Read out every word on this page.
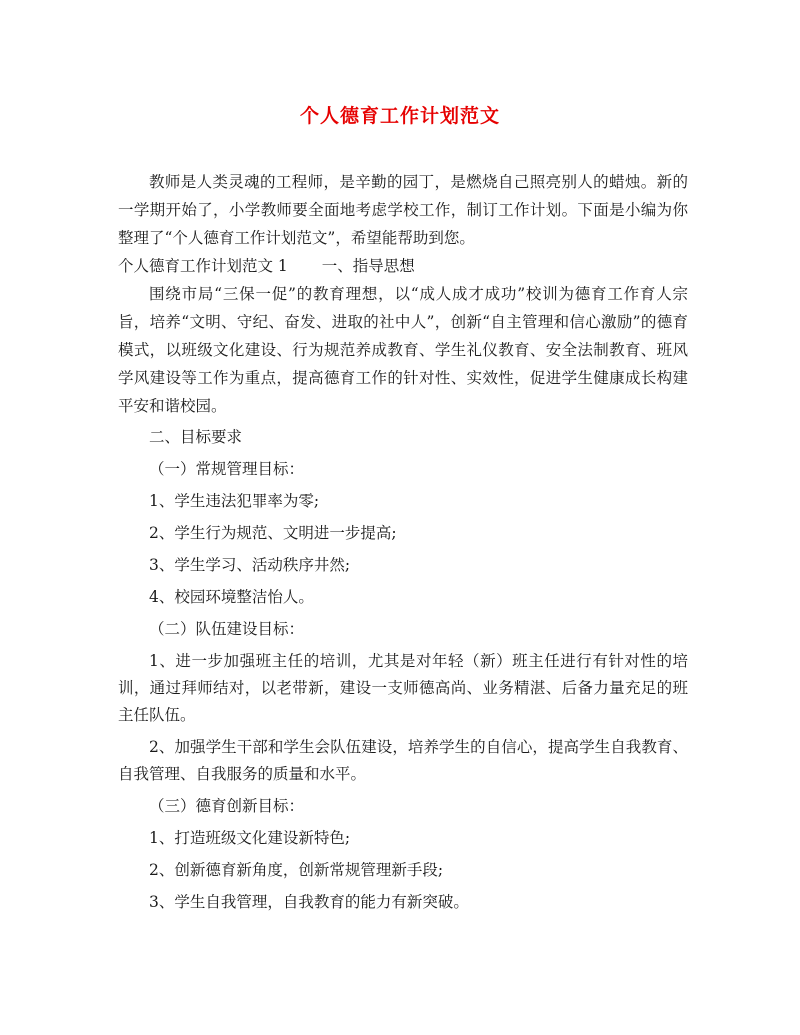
个人德育工作计划范文

教师是人类灵魂的工程师，是辛勤的园丁，是燃烧自己照亮别人的蜡烛。新的一学期开始了，小学教师要全面地考虑学校工作，制订工作计划。下面是小编为你整理了“个人德育工作计划范文”，希望能帮助到您。

个人德育工作计划范文 1 一、指导思想

围绕市局“三保一促”的教育理想，以“成人成才成功”校训为德育工作育人宗旨，培养“文明、守纪、奋发、进取的社中人”，创新“自主管理和信心激励”的德育模式，以班级文化建设、行为规范养成教育、学生礼仪教育、安全法制教育、班风学风建设等工作为重点，提高德育工作的针对性、实效性，促进学生健康成长构建平安和谐校园。

二、目标要求

（一）常规管理目标：

1、学生违法犯罪率为零;

2、学生行为规范、文明进一步提高;

3、学生学习、活动秩序井然;

4、校园环境整洁怡人。

（二）队伍建设目标：

1、进一步加强班主任的培训，尤其是对年轻（新）班主任进行有针对性的培训，通过拜师结对，以老带新，建设一支师德高尚、业务精湛、后备力量充足的班主任队伍。

2、加强学生干部和学生会队伍建设，培养学生的自信心，提高学生自我教育、自我管理、自我服务的质量和水平。

（三）德育创新目标：

1、打造班级文化建设新特色;

2、创新德育新角度，创新常规管理新手段;

3、学生自我管理，自我教育的能力有新突破。
